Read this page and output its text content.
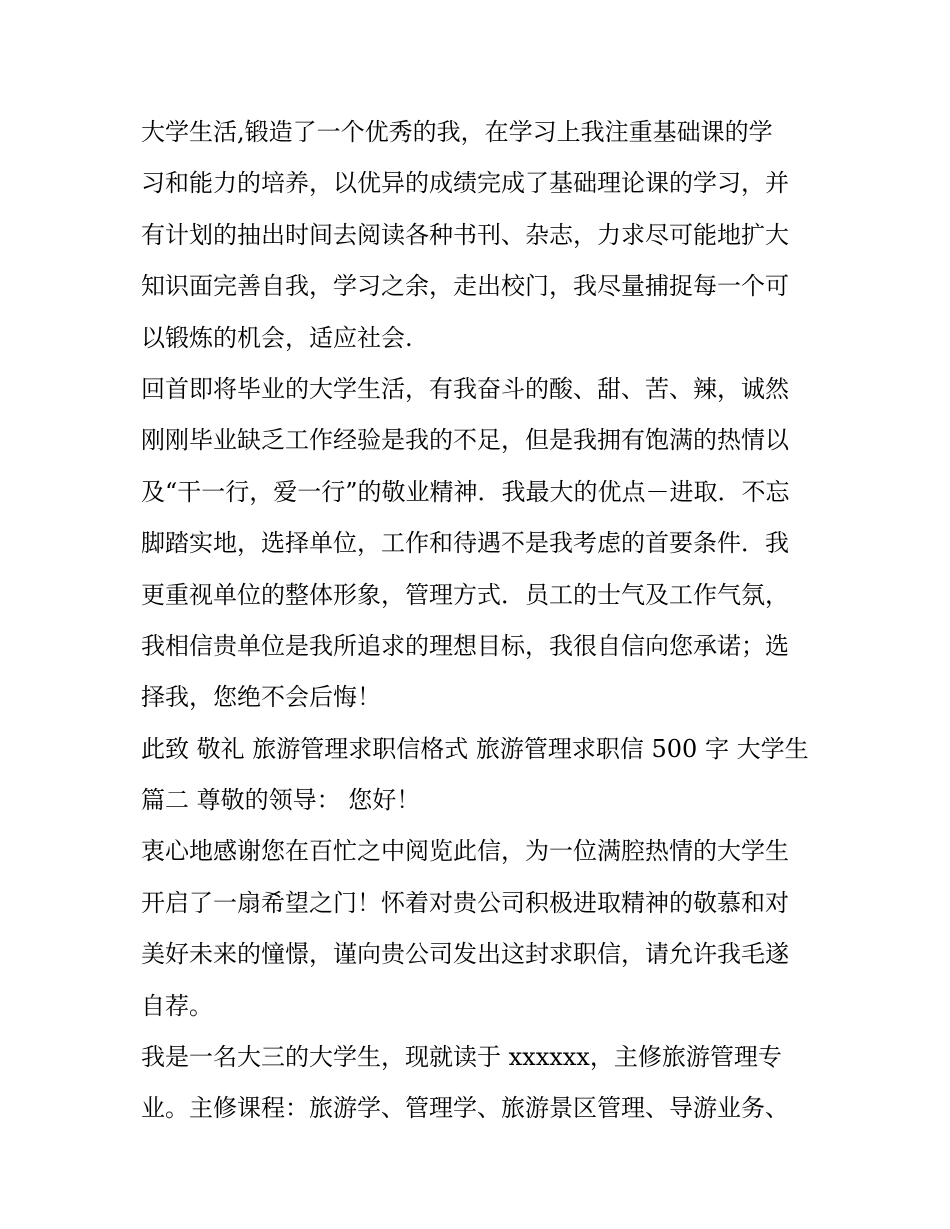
大学生活,锻造了一个优秀的我，在学习上我注重基础课的学
习和能力的培养，以优异的成绩完成了基础理论课的学习，并
有计划的抽出时间去阅读各种书刊、杂志，力求尽可能地扩大
知识面完善自我，学习之余，走出校门，我尽量捕捉每一个可
以锻炼的机会，适应社会.
回首即将毕业的大学生活，有我奋斗的酸、甜、苦、辣，诚然
刚刚毕业缺乏工作经验是我的不足，但是我拥有饱满的热情以
及“干一行，爱一行”的敬业精神．我最大的优点－进取．不忘
脚踏实地，选择单位，工作和待遇不是我考虑的首要条件．我
更重视单位的整体形象，管理方式．员工的士气及工作气氛，
我相信贵单位是我所追求的理想目标，我很自信向您承诺；选
择我，您绝不会后悔！
此致 敬礼 旅游管理求职信格式 旅游管理求职信 500 字 大学生
篇二 尊敬的领导： 您好！
衷心地感谢您在百忙之中阅览此信，为一位满腔热情的大学生
开启了一扇希望之门！怀着对贵公司积极进取精神的敬慕和对
美好未来的憧憬，谨向贵公司发出这封求职信，请允许我毛遂
自荐。
我是一名大三的大学生，现就读于 xxxxxx，主修旅游管理专
业。主修课程：旅游学、管理学、旅游景区管理、导游业务、
